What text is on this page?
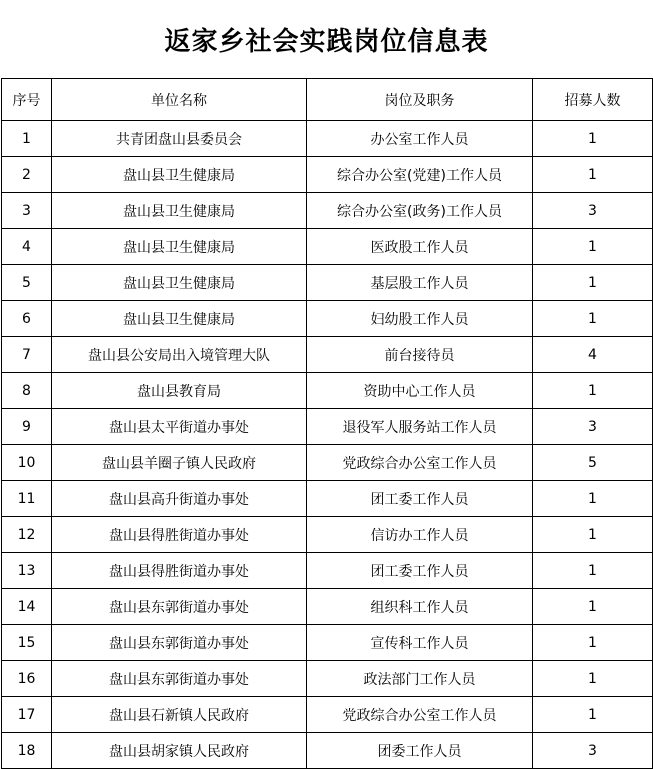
返家乡社会实践岗位信息表
序号	单位名称	岗位及职务	招募人数
1	共青团盘山县委员会	办公室工作人员	1
2	盘山县卫生健康局	综合办公室(党建)工作人员	1
3	盘山县卫生健康局	综合办公室(政务)工作人员	3
4	盘山县卫生健康局	医政股工作人员	1
5	盘山县卫生健康局	基层股工作人员	1
6	盘山县卫生健康局	妇幼股工作人员	1
7	盘山县公安局出入境管理大队	前台接待员	4
8	盘山县教育局	资助中心工作人员	1
9	盘山县太平街道办事处	退役军人服务站工作人员	3
10	盘山县羊圈子镇人民政府	党政综合办公室工作人员	5
11	盘山县高升街道办事处	团工委工作人员	1
12	盘山县得胜街道办事处	信访办工作人员	1
13	盘山县得胜街道办事处	团工委工作人员	1
14	盘山县东郭街道办事处	组织科工作人员	1
15	盘山县东郭街道办事处	宣传科工作人员	1
16	盘山县东郭街道办事处	政法部门工作人员	1
17	盘山县石新镇人民政府	党政综合办公室工作人员	1
18	盘山县胡家镇人民政府	团委工作人员	3
